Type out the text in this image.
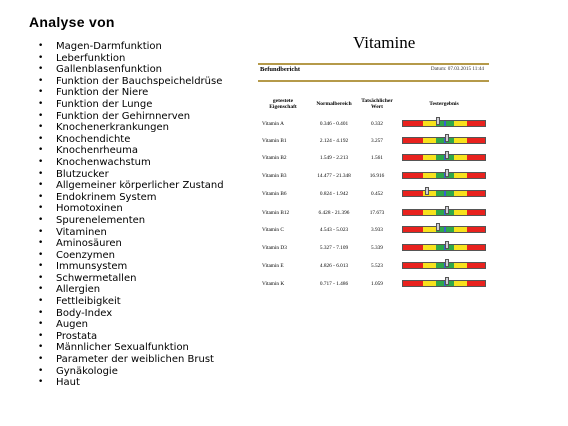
Analyse von
• Magen-Darmfunktion
• Leberfunktion
• Gallenblasenfunktion
• Funktion der Bauchspeicheldrüse
• Funktion der Niere
• Funktion der Lunge
• Funktion der Gehirnnerven
• Knochenerkrankungen
• Knochendichte
• Knochenrheuma
• Knochenwachstum
• Blutzucker
• Allgemeiner körperlicher Zustand
• Endokrinem System
• Homotoxinen
• Spurenelementen
• Vitaminen
• Aminosäuren
• Coenzymen
• Immunsystem
• Schwermetallen
• Allergien
• Fettleibigkeit
• Body-Index
• Augen
• Prostata
• Männlicher Sexualfunktion
• Parameter der weiblichen Brust
• Gynäkologie
• Haut
Vitamine
Befundbericht	Datum: 07.03.2015 11:44
getestete Eigenschaft	Normalbereich	Tatsächlicher Wert	Testergebnis
Vitamin A	0.346 - 0.401	0.332
Vitamin B1	2.124 - 4.192	3.257
Vitamin B2	1.549 - 2.213	1.561
Vitamin B3	14.477 - 21.348	16.916
Vitamin B6	0.824 - 1.942	0.452
Vitamin B12	6.428 - 21.396	17.673
Vitamin C	4.543 - 5.023	3.933
Vitamin D3	5.327 - 7.109	5.339
Vitamin E	4.826 - 6.013	5.523
Vitamin K	0.717 - 1.486	1.059
